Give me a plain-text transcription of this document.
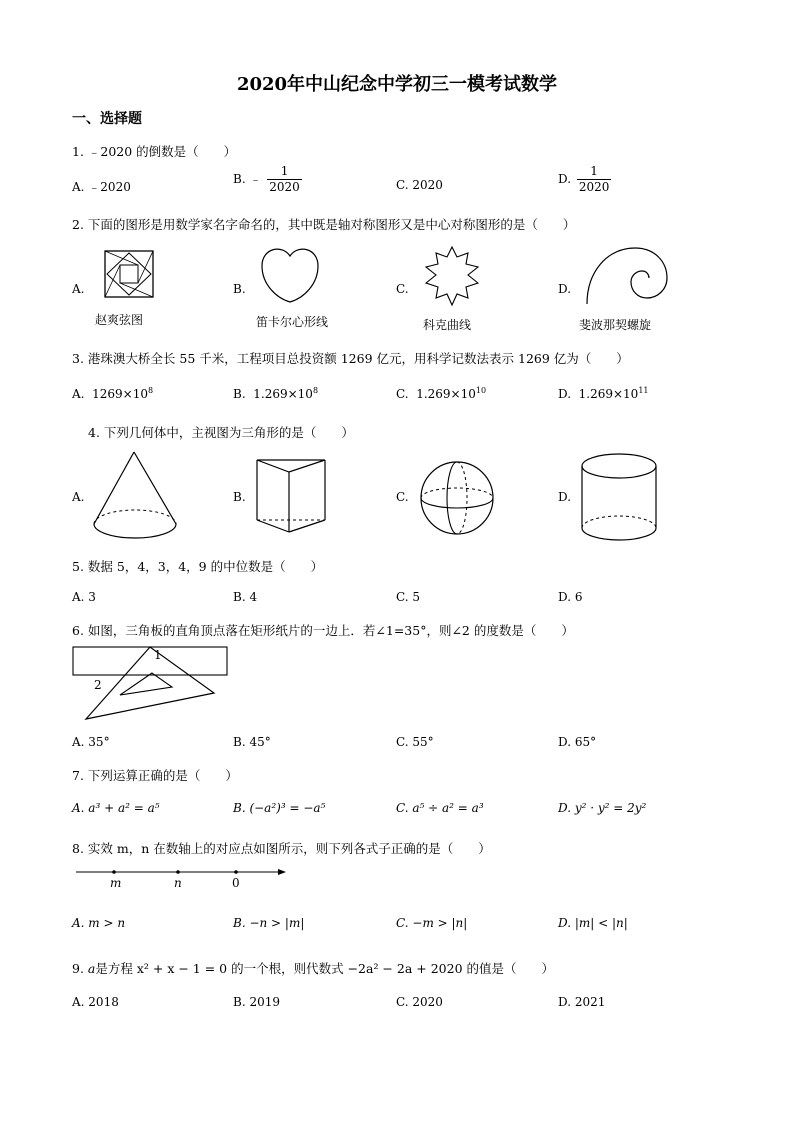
2020年中山纪念中学初三一模考试数学
一、选择题
1. ﹣2020 的倒数是（　　）
A. ﹣2020
B. ﹣ $\frac{1}{2020}$	C. 2020	D. $\frac{1}{2020}$
2. 下面的图形是用数学家名字命名的，其中既是轴对称图形又是中心对称图形的是（　　）
A.	B.	C.	D.
赵爽弦图	笛卡尔心形线	科克曲线	斐波那契螺旋
3. 港珠澳大桥全长 55 千米，工程项目总投资额 1269 亿元，用科学记数法表示 1269 亿为（　　）
A.  $1269\times 10^8$	B.  $1.269\times 10^8$	C.  $1.269\times 10^{10}$	D.  $1.269\times 10^{11}$
4. 下列几何体中，主视图为三角形的是（　　）
A.	B.	C.	D.
5. 数据 5，4，3，4，9 的中位数是（　　）
A. 3	B. 4	C. 5	D. 6
6. 如图，三角板的直角顶点落在矩形纸片的一边上．若∠1=35°，则∠2 的度数是（　　）
1
2
A. 35°	B. 45°	C. 55°	D. 65°
7. 下列运算正确的是（　　）
A. a³ + a² = a⁵	B. (−a²)³ = −a⁵	C. a⁵ ÷ a² = a³	D. y² · y² = 2y²
8. 实效 m，n 在数轴上的对应点如图所示，则下列各式子正确的是（　　）
m	n	0
A. m > n	B. −n > |m|	C. −m > |n|	D. |m| < |n|
9. a是方程 x² + x − 1 = 0 的一个根，则代数式 −2a² − 2a + 2020 的值是（　　）
A. 2018	B. 2019	C. 2020	D. 2021
